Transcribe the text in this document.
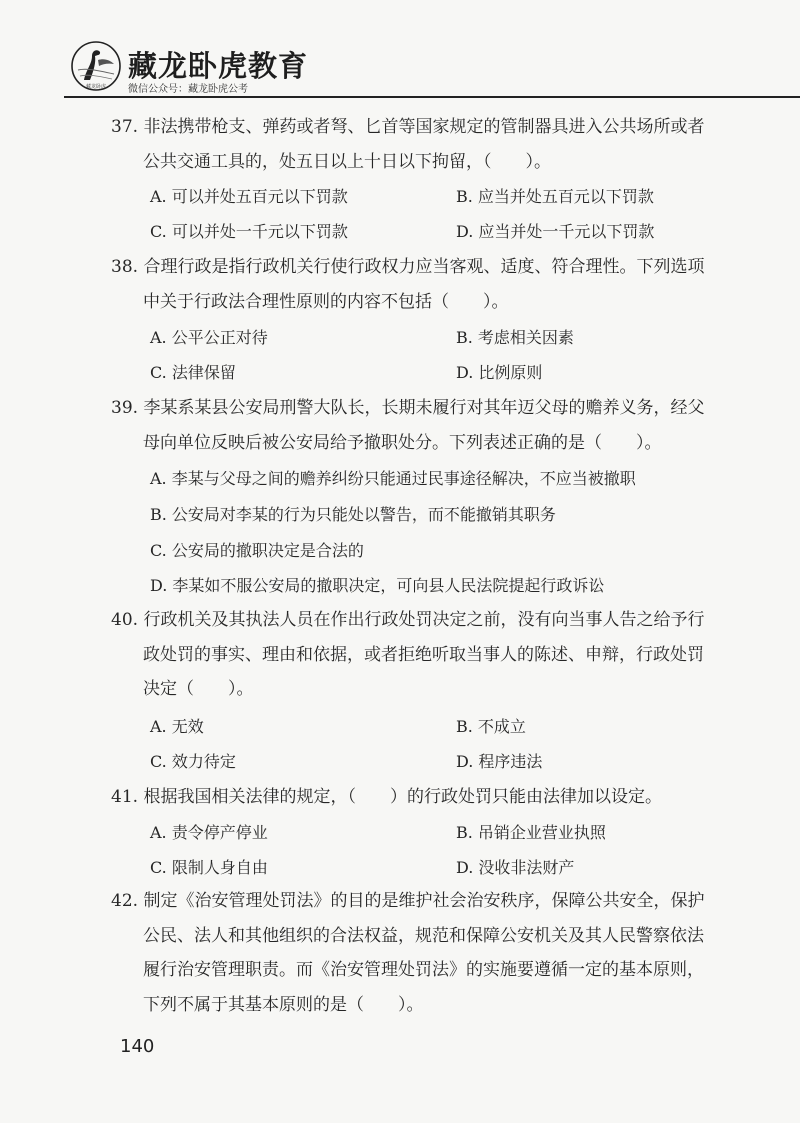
藏龙卧虎
藏龙卧虎教育
微信公众号：藏龙卧虎公考
37. 非法携带枪支、弹药或者弩、匕首等国家规定的管制器具进入公共场所或者
公共交通工具的，处五日以上十日以下拘留，（　　）。
A. 可以并处五百元以下罚款	B. 应当并处五百元以下罚款
C. 可以并处一千元以下罚款	D. 应当并处一千元以下罚款
38. 合理行政是指行政机关行使行政权力应当客观、适度、符合理性。下列选项
中关于行政法合理性原则的内容不包括（　　）。
A. 公平公正对待	B. 考虑相关因素
C. 法律保留	D. 比例原则
39. 李某系某县公安局刑警大队长，长期未履行对其年迈父母的赡养义务，经父
母向单位反映后被公安局给予撤职处分。下列表述正确的是（　　）。
A. 李某与父母之间的赡养纠纷只能通过民事途径解决，不应当被撤职
B. 公安局对李某的行为只能处以警告，而不能撤销其职务
C. 公安局的撤职决定是合法的
D. 李某如不服公安局的撤职决定，可向县人民法院提起行政诉讼
40. 行政机关及其执法人员在作出行政处罚决定之前，没有向当事人告之给予行
政处罚的事实、理由和依据，或者拒绝听取当事人的陈述、申辩，行政处罚
决定（　　）。
A. 无效	B. 不成立
C. 效力待定	D. 程序违法
41. 根据我国相关法律的规定，（　　）的行政处罚只能由法律加以设定。
A. 责令停产停业	B. 吊销企业营业执照
C. 限制人身自由	D. 没收非法财产
42. 制定《治安管理处罚法》的目的是维护社会治安秩序，保障公共安全，保护
公民、法人和其他组织的合法权益，规范和保障公安机关及其人民警察依法
履行治安管理职责。而《治安管理处罚法》的实施要遵循一定的基本原则，
下列不属于其基本原则的是（　　）。
140
